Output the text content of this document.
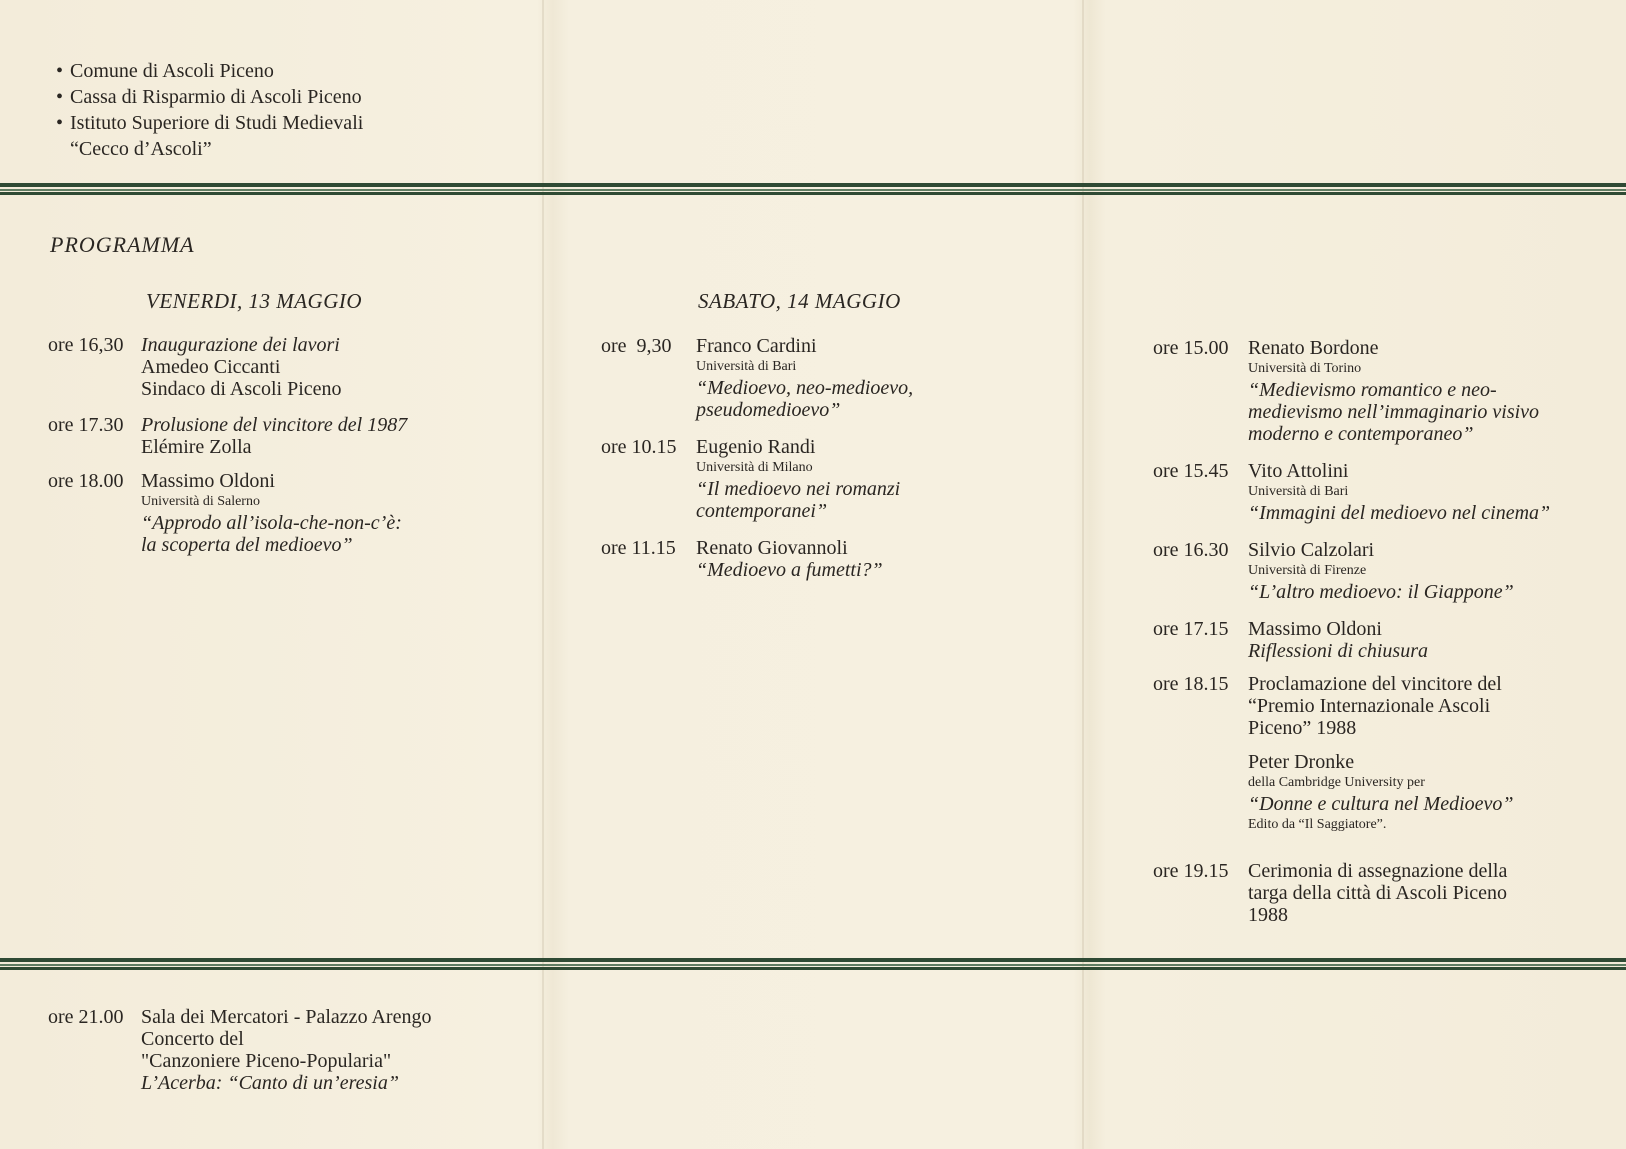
• Comune di Ascoli Piceno
• Cassa di Risparmio di Ascoli Piceno
• Istituto Superiore di Studi Medievali
“Cecco d’Ascoli”
PROGRAMMA
VENERDI, 13 MAGGIO	SABATO, 14 MAGGIO
ore 16,30 Inaugurazione dei lavori
Amedeo Ciccanti
Sindaco di Ascoli Piceno
ore 17.30 Prolusione del vincitore del 1987
Elémire Zolla
ore 18.00 Massimo Oldoni
Università di Salerno
“Approdo all’isola-che-non-c’è:
la scoperta del medioevo”
ore  9,30 Franco Cardini
Università di Bari
“Medioevo, neo-medioevo,
pseudomedioevo”
ore 10.15 Eugenio Randi
Università di Milano
“Il medioevo nei romanzi
contemporanei”
ore 11.15 Renato Giovannoli
“Medioevo a fumetti?”
ore 15.00 Renato Bordone
Università di Torino
“Medievismo romantico e neo-
medievismo nell’immaginario visivo
moderno e contemporaneo”
ore 15.45 Vito Attolini
Università di Bari
“Immagini del medioevo nel cinema”
ore 16.30 Silvio Calzolari
Università di Firenze
“L’altro medioevo: il Giappone”
ore 17.15 Massimo Oldoni
Riflessioni di chiusura
ore 18.15 Proclamazione del vincitore del
“Premio Internazionale Ascoli
Piceno” 1988
Peter Dronke
della Cambridge University per
“Donne e cultura nel Medioevo”
Edito da “Il Saggiatore”.
ore 19.15 Cerimonia di assegnazione della
targa della città di Ascoli Piceno
1988
ore 21.00 Sala dei Mercatori - Palazzo Arengo
Concerto del
"Canzoniere Piceno-Popularia"
L’Acerba: “Canto di un’eresia”
